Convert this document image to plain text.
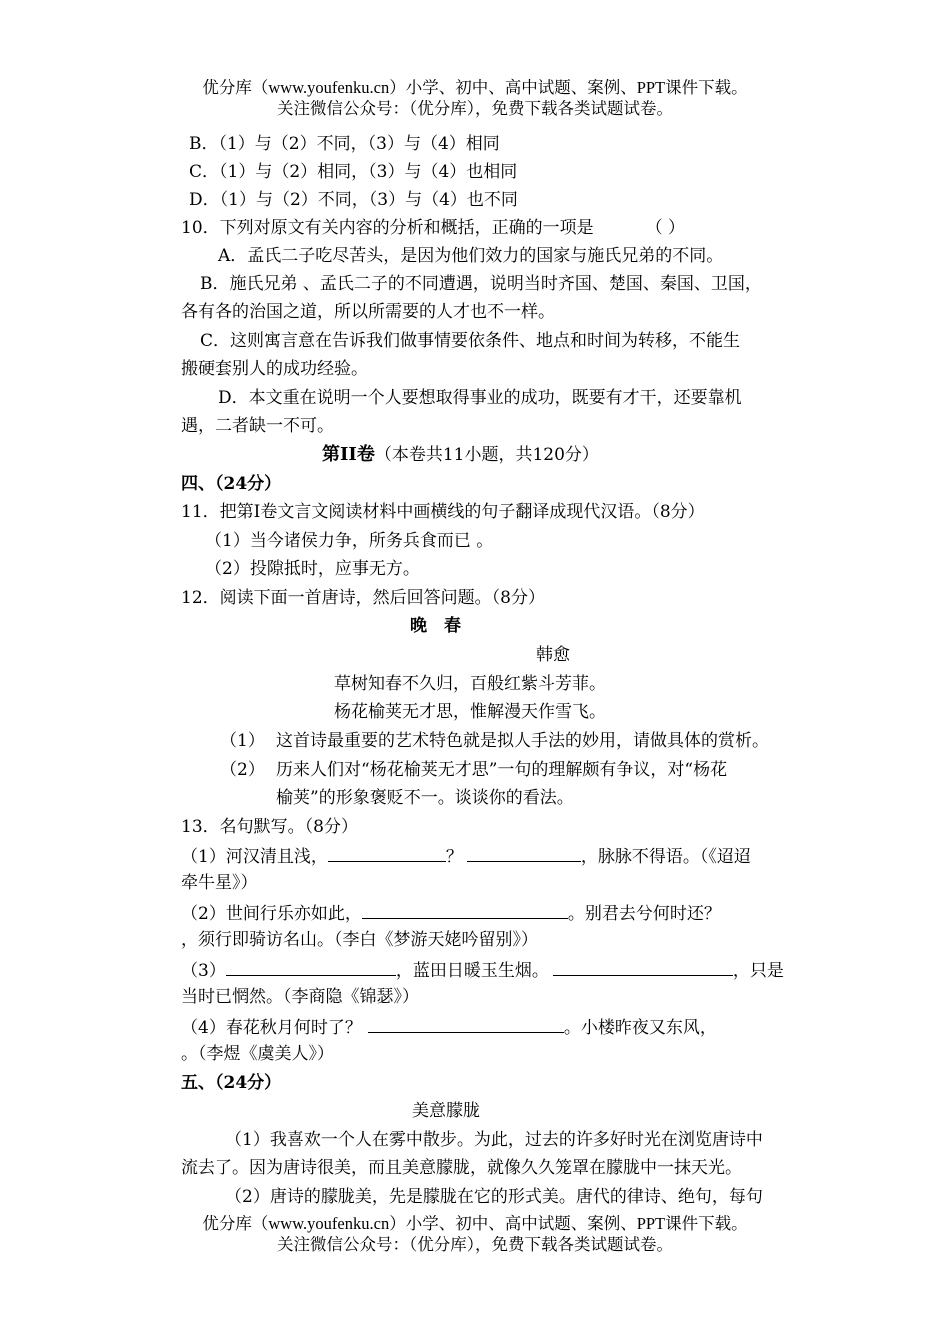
优分库（www.youfenku.cn）小学、初中、高中试题、案例、PPT课件下载。
关注微信公众号：（优分库），免费下载各类试题试卷。
B．（1）与（2）不同，（3）与（4）相同
C．（1）与（2）相同，（3）与（4）也相同
D．（1）与（2）不同，（3）与（4）也不同
10．下列对原文有关内容的分析和概括，正确的一项是	（ ）
A．孟氏二子吃尽苦头，是因为他们效力的国家与施氏兄弟的不同。
B．施氏兄弟 、孟氏二子的不同遭遇，说明当时齐国、楚国、秦国、卫国，
各有各的治国之道，所以所需要的人才也不一样。
C．这则寓言意在告诉我们做事情要依条件、地点和时间为转移，不能生
搬硬套别人的成功经验。
D．本文重在说明一个人要想取得事业的成功，既要有才干，还要靠机
遇，二者缺一不可。
第II卷（本卷共11小题，共120分）
四、（24分）
11．把第Ⅰ卷文言文阅读材料中画横线的句子翻译成现代汉语。（8分）
（1）当今诸侯力争，所务兵食而已 。
（2）投隙抵时，应事无方。
12．阅读下面一首唐诗，然后回答问题。（8分）
晚　春
韩愈
草树知春不久归，百般红紫斗芳菲。
杨花榆荚无才思，惟解漫天作雪飞。
（1） 这首诗最重要的艺术特色就是拟人手法的妙用，请做具体的赏析。
（2） 历来人们对“杨花榆荚无才思”一句的理解颇有争议，对“杨花
榆荚”的形象褒贬不一。谈谈你的看法。
13．名句默写。（8分）
（1）河汉清且浅，	？	，脉脉不得语。（《迢迢
牵牛星》）
（2）世间行乐亦如此，	。别君去兮何时还？
，须行即骑访名山。（李白《梦游天姥吟留别》）
（3）	，蓝田日暖玉生烟。	，只是
当时已惘然。（李商隐《锦瑟》）
（4）春花秋月何时了？	。小楼昨夜又东风，
。（李煜《虞美人》）
五、（24分）
美意朦胧
（1）我喜欢一个人在雾中散步。为此，过去的许多好时光在浏览唐诗中
流去了。因为唐诗很美，而且美意朦胧，就像久久笼罩在朦胧中一抹天光。
（2）唐诗的朦胧美，先是朦胧在它的形式美。唐代的律诗、绝句，每句
优分库（www.youfenku.cn）小学、初中、高中试题、案例、PPT课件下载。
关注微信公众号：（优分库），免费下载各类试题试卷。
